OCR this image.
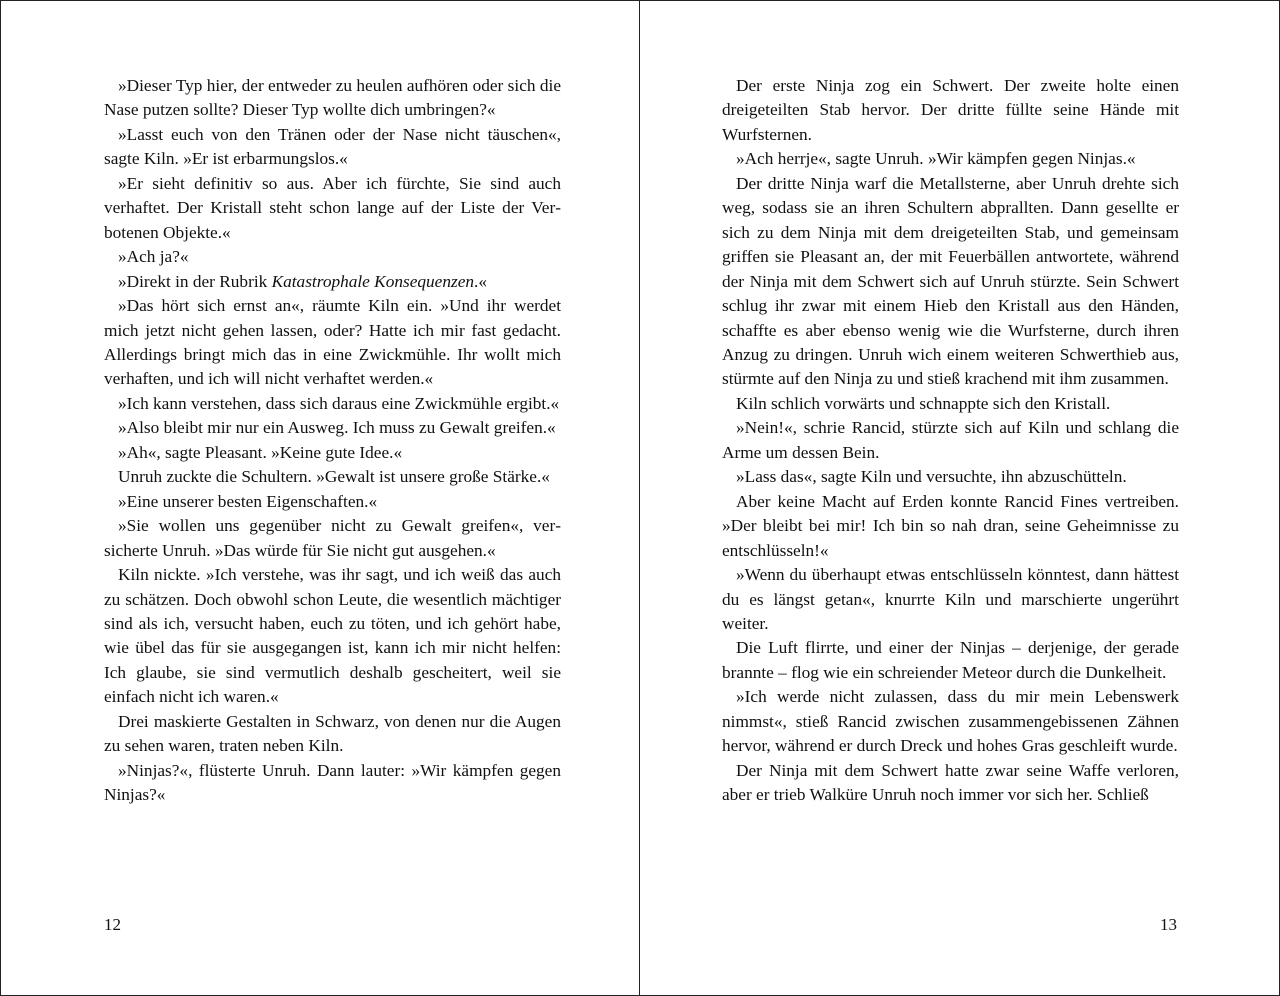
»Dieser Typ hier, der entweder zu heulen aufhören oder sich die Nase putzen sollte? Dieser Typ wollte dich umbringen?«

»Lasst euch von den Tränen oder der Nase nicht täuschen«, sagte Kiln. »Er ist erbarmungslos.«

»Er sieht definitiv so aus. Aber ich fürchte, Sie sind auch verhaftet. Der Kristall steht schon lange auf der Liste der Verbotenen Objekte.«

»Ach ja?«

»Direkt in der Rubrik Katastrophale Konsequenzen.«

»Das hört sich ernst an«, räumte Kiln ein. »Und ihr werdet mich jetzt nicht gehen lassen, oder? Hatte ich mir fast gedacht. Allerdings bringt mich das in eine Zwickmühle. Ihr wollt mich verhaften, und ich will nicht verhaftet werden.«

»Ich kann verstehen, dass sich daraus eine Zwickmühle ergibt.«

»Also bleibt mir nur ein Ausweg. Ich muss zu Gewalt greifen.«

»Ah«, sagte Pleasant. »Keine gute Idee.«

Unruh zuckte die Schultern. »Gewalt ist unsere große Stärke.«

»Eine unserer besten Eigenschaften.«

»Sie wollen uns gegenüber nicht zu Gewalt greifen«, versicherte Unruh. »Das würde für Sie nicht gut ausgehen.«

Kiln nickte. »Ich verstehe, was ihr sagt, und ich weiß das auch zu schätzen. Doch obwohl schon Leute, die wesentlich mächtiger sind als ich, versucht haben, euch zu töten, und ich gehört habe, wie übel das für sie ausgegangen ist, kann ich mir nicht helfen: Ich glaube, sie sind vermutlich deshalb gescheitert, weil sie einfach nicht ich waren.«

Drei maskierte Gestalten in Schwarz, von denen nur die Augen zu sehen waren, traten neben Kiln.

»Ninjas?«, flüsterte Unruh. Dann lauter: »Wir kämpfen gegen Ninjas?«

12

Der erste Ninja zog ein Schwert. Der zweite holte einen dreigeteilten Stab hervor. Der dritte füllte seine Hände mit Wurfsternen.

»Ach herrje«, sagte Unruh. »Wir kämpfen gegen Ninjas.«

Der dritte Ninja warf die Metallsterne, aber Unruh drehte sich weg, sodass sie an ihren Schultern abprallten. Dann gesellte er sich zu dem Ninja mit dem dreigeteilten Stab, und gemeinsam griffen sie Pleasant an, der mit Feuerbällen antwortete, während der Ninja mit dem Schwert sich auf Unruh stürzte. Sein Schwert schlug ihr zwar mit einem Hieb den Kristall aus den Händen, schaffte es aber ebenso wenig wie die Wurfsterne, durch ihren Anzug zu dringen. Unruh wich einem weiteren Schwerthieb aus, stürmte auf den Ninja zu und stieß krachend mit ihm zusammen.

Kiln schlich vorwärts und schnappte sich den Kristall.

»Nein!«, schrie Rancid, stürzte sich auf Kiln und schlang die Arme um dessen Bein.

»Lass das«, sagte Kiln und versuchte, ihn abzuschütteln.

Aber keine Macht auf Erden konnte Rancid Fines vertreiben. »Der bleibt bei mir! Ich bin so nah dran, seine Geheimnisse zu entschlüsseln!«

»Wenn du überhaupt etwas entschlüsseln könntest, dann hättest du es längst getan«, knurrte Kiln und marschierte ungerührt weiter.

Die Luft flirrte, und einer der Ninjas – derjenige, der gerade brannte – flog wie ein schreiender Meteor durch die Dunkelheit.

»Ich werde nicht zulassen, dass du mir mein Lebenswerk nimmst«, stieß Rancid zwischen zusammengebissenen Zähnen hervor, während er durch Dreck und hohes Gras geschleift wurde.

Der Ninja mit dem Schwert hatte zwar seine Waffe verloren, aber er trieb Walküre Unruh noch immer vor sich her. Schließ

13
